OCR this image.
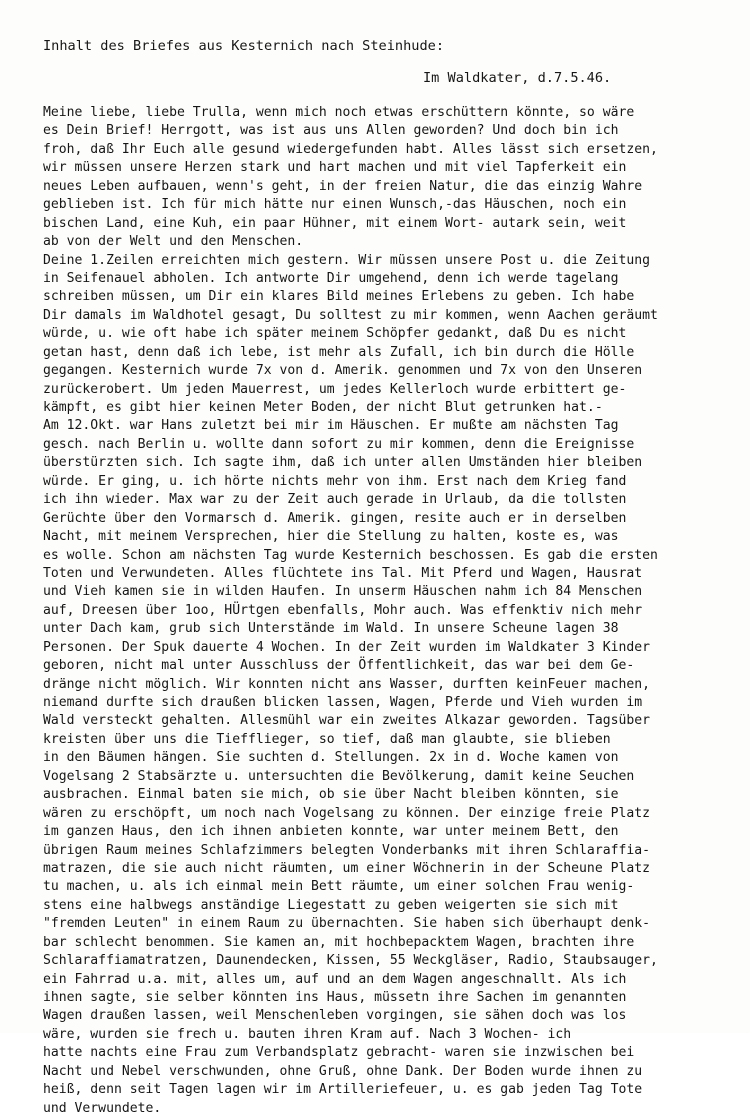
Inhalt des Briefes aus Kesternich nach Steinhude:
Im Waldkater, d.7.5.46.
Meine liebe, liebe Trulla, wenn mich noch etwas erschüttern könnte, so wäre
es Dein Brief! Herrgott, was ist aus uns Allen geworden? Und doch bin ich
froh, daß Ihr Euch alle gesund wiedergefunden habt. Alles lässt sich ersetzen,
wir müssen unsere Herzen stark und hart machen und mit viel Tapferkeit ein
neues Leben aufbauen, wenn's geht, in der freien Natur, die das einzig Wahre
geblieben ist. Ich für mich hätte nur einen Wunsch,-das Häuschen, noch ein
bischen Land, eine Kuh, ein paar Hühner, mit einem Wort- autark sein, weit
ab von der Welt und den Menschen.
Deine 1.Zeilen erreichten mich gestern. Wir müssen unsere Post u. die Zeitung
in Seifenauel abholen. Ich antworte Dir umgehend, denn ich werde tagelang
schreiben müssen, um Dir ein klares Bild meines Erlebens zu geben. Ich habe
Dir damals im Waldhotel gesagt, Du solltest zu mir kommen, wenn Aachen geräumt
würde, u. wie oft habe ich später meinem Schöpfer gedankt, daß Du es nicht
getan hast, denn daß ich lebe, ist mehr als Zufall, ich bin durch die Hölle
gegangen. Kesternich wurde 7x von d. Amerik. genommen und 7x von den Unseren
zurückerobert. Um jeden Mauerrest, um jedes Kellerloch wurde erbittert ge-
kämpft, es gibt hier keinen Meter Boden, der nicht Blut getrunken hat.-
Am 12.Okt. war Hans zuletzt bei mir im Häuschen. Er mußte am nächsten Tag
gesch. nach Berlin u. wollte dann sofort zu mir kommen, denn die Ereignisse
überstürzten sich. Ich sagte ihm, daß ich unter allen Umständen hier bleiben
würde. Er ging, u. ich hörte nichts mehr von ihm. Erst nach dem Krieg fand
ich ihn wieder. Max war zu der Zeit auch gerade in Urlaub, da die tollsten
Gerüchte über den Vormarsch d. Amerik. gingen, resite auch er in derselben
Nacht, mit meinem Versprechen, hier die Stellung zu halten, koste es, was
es wolle. Schon am nächsten Tag wurde Kesternich beschossen. Es gab die ersten
Toten und Verwundeten. Alles flüchtete ins Tal. Mit Pferd und Wagen, Hausrat
und Vieh kamen sie in wilden Haufen. In unserm Häuschen nahm ich 84 Menschen
auf, Dreesen über 1oo, HÜrtgen ebenfalls, Mohr auch. Was effenktiv nich mehr
unter Dach kam, grub sich Unterstände im Wald. In unsere Scheune lagen 38
Personen. Der Spuk dauerte 4 Wochen. In der Zeit wurden im Waldkater 3 Kinder
geboren, nicht mal unter Ausschluss der Öffentlichkeit, das war bei dem Ge-
dränge nicht möglich. Wir konnten nicht ans Wasser, durften keinFeuer machen,
niemand durfte sich draußen blicken lassen, Wagen, Pferde und Vieh wurden im
Wald versteckt gehalten. Allesmühl war ein zweites Alkazar geworden. Tagsüber
kreisten über uns die Tiefflieger, so tief, daß man glaubte, sie blieben
in den Bäumen hängen. Sie suchten d. Stellungen. 2x in d. Woche kamen von
Vogelsang 2 Stabsärzte u. untersuchten die Bevölkerung, damit keine Seuchen
ausbrachen. Einmal baten sie mich, ob sie über Nacht bleiben könnten, sie
wären zu erschöpft, um noch nach Vogelsang zu können. Der einzige freie Platz
im ganzen Haus, den ich ihnen anbieten konnte, war unter meinem Bett, den
übrigen Raum meines Schlafzimmers belegten Vonderbanks mit ihren Schlaraffia-
matrazen, die sie auch nicht räumten, um einer Wöchnerin in der Scheune Platz
tu machen, u. als ich einmal mein Bett räumte, um einer solchen Frau wenig-
stens eine halbwegs anständige Liegestatt zu geben weigerten sie sich mit
"fremden Leuten" in einem Raum zu übernachten. Sie haben sich überhaupt denk-
bar schlecht benommen. Sie kamen an, mit hochbepacktem Wagen, brachten ihre
Schlaraffiamatratzen, Daunendecken, Kissen, 55 Weckgläser, Radio, Staubsauger,
ein Fahrrad u.a. mit, alles um, auf und an dem Wagen angeschnallt. Als ich
ihnen sagte, sie selber könnten ins Haus, müssetn ihre Sachen im genannten
Wagen draußen lassen, weil Menschenleben vorgingen, sie sähen doch was los
wäre, wurden sie frech u. bauten ihren Kram auf. Nach 3 Wochen- ich
hatte nachts eine Frau zum Verbandsplatz gebracht- waren sie inzwischen bei
Nacht und Nebel verschwunden, ohne Gruß, ohne Dank. Der Boden wurde ihnen zu
heiß, denn seit Tagen lagen wir im Artilleriefeuer, u. es gab jeden Tag Tote
und Verwundete.
